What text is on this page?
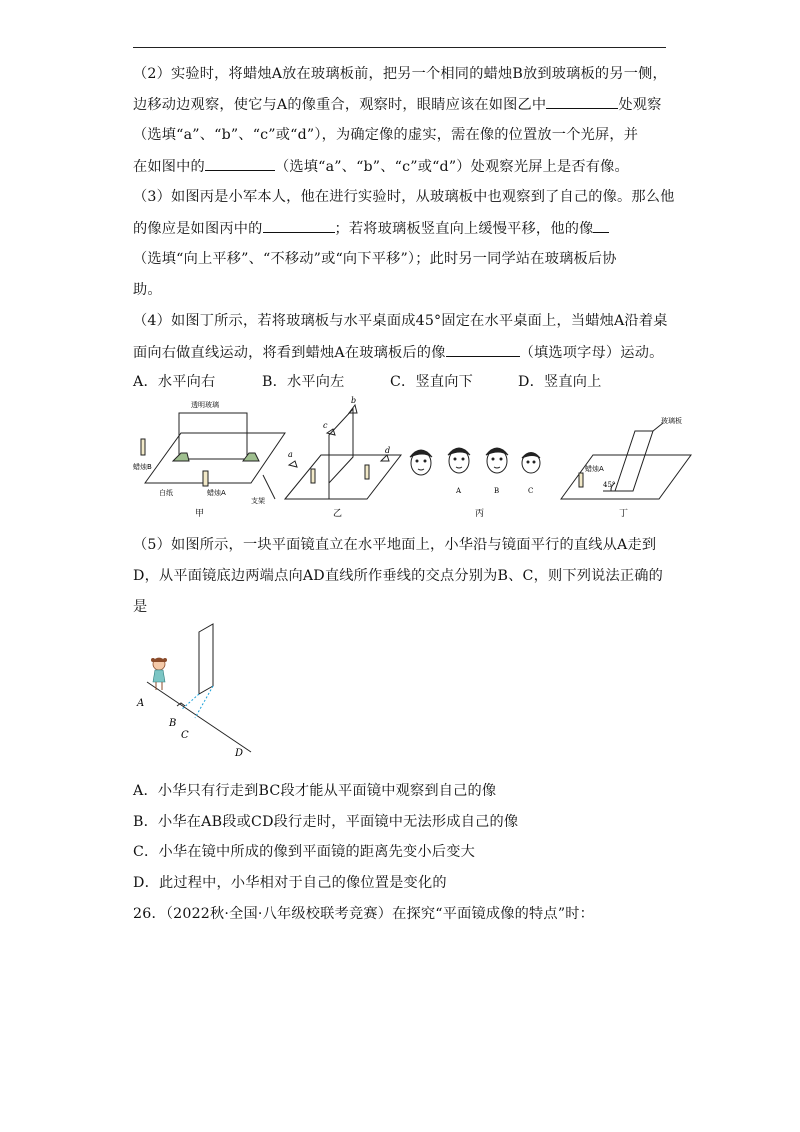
（2）实验时，将蜡烛A放在玻璃板前，把另一个相同的蜡烛B放到玻璃板的另一侧，
边移动边观察，使它与A的像重合，观察时，眼睛应该在如图乙中	处观察
（选填“a”、“b”、“c”或“d”），为确定像的虚实，需在像的位置放一个光屏，并
在如图中的	（选填“a”、“b”、“c”或“d”）处观察光屏上是否有像。
（3）如图丙是小军本人，他在进行实验时，从玻璃板中也观察到了自己的像。那么他
的像应是如图丙中的	；若将玻璃板竖直向上缓慢平移，他的像
（选填“向上平移”、“不移动”或“向下平移”）；此时另一同学站在玻璃板后协
助。
（4）如图丁所示，若将玻璃板与水平桌面成45°固定在水平桌面上，当蜡烛A沿着桌
面向右做直线运动，将看到蜡烛A在玻璃板后的像	（填选项字母）运动。
A．水平向右	B．水平向左	C．竖直向下	D．竖直向上
透明玻璃
蜡烛B
蜡烛A
白纸
支架
甲
a
b
c
d
乙
A	B	C
丙
玻璃板
蜡烛A
45°
丁
（5）如图所示，一块平面镜直立在水平地面上，小华沿与镜面平行的直线从A走到
D，从平面镜底边两端点向AD直线所作垂线的交点分别为B、C，则下列说法正确的
是
A
B
C
D
A．小华只有行走到BC段才能从平面镜中观察到自己的像
B．小华在AB段或CD段行走时，平面镜中无法形成自己的像
C．小华在镜中所成的像到平面镜的距离先变小后变大
D．此过程中，小华相对于自己的像位置是变化的
26．（2022秋·全国·八年级校联考竞赛）在探究“平面镜成像的特点”时：
